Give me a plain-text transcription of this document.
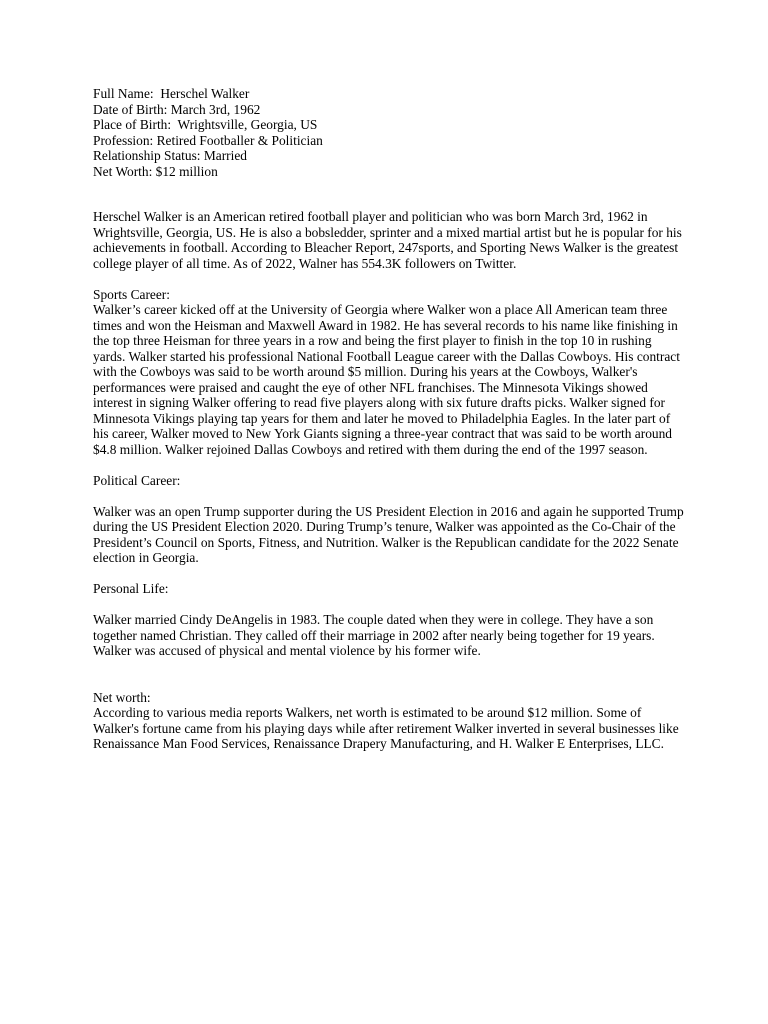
Full Name:  Herschel Walker
Date of Birth: March 3rd, 1962
Place of Birth:  Wrightsville, Georgia, US
Profession: Retired Footballer & Politician
Relationship Status: Married
Net Worth: $12 million

Herschel Walker is an American retired football player and politician who was born March 3rd, 1962 in Wrightsville, Georgia, US. He is also a bobsledder, sprinter and a mixed martial artist but he is popular for his achievements in football. According to Bleacher Report, 247sports, and Sporting News Walker is the greatest college player of all time. As of 2022, Walner has 554.3K followers on Twitter.

Sports Career:

Walker’s career kicked off at the University of Georgia where Walker won a place All American team three times and won the Heisman and Maxwell Award in 1982. He has several records to his name like finishing in the top three Heisman for three years in a row and being the first player to finish in the top 10 in rushing yards. Walker started his professional National Football League career with the Dallas Cowboys. His contract with the Cowboys was said to be worth around $5 million. During his years at the Cowboys, Walker's performances were praised and caught the eye of other NFL franchises. The Minnesota Vikings showed interest in signing Walker offering to read five players along with six future drafts picks. Walker signed for Minnesota Vikings playing tap years for them and later he moved to Philadelphia Eagles. In the later part of his career, Walker moved to New York Giants signing a three-year contract that was said to be worth around $4.8 million. Walker rejoined Dallas Cowboys and retired with them during the end of the 1997 season.

Political Career:

Walker was an open Trump supporter during the US President Election in 2016 and again he supported Trump during the US President Election 2020. During Trump’s tenure, Walker was appointed as the Co-Chair of the President’s Council on Sports, Fitness, and Nutrition. Walker is the Republican candidate for the 2022 Senate election in Georgia.

Personal Life:

Walker married Cindy DeAngelis in 1983. The couple dated when they were in college. They have a son together named Christian. They called off their marriage in 2002 after nearly being together for 19 years. Walker was accused of physical and mental violence by his former wife.

Net worth:

According to various media reports Walkers, net worth is estimated to be around $12 million. Some of Walker's fortune came from his playing days while after retirement Walker inverted in several businesses like Renaissance Man Food Services, Renaissance Drapery Manufacturing, and H. Walker E Enterprises, LLC.
